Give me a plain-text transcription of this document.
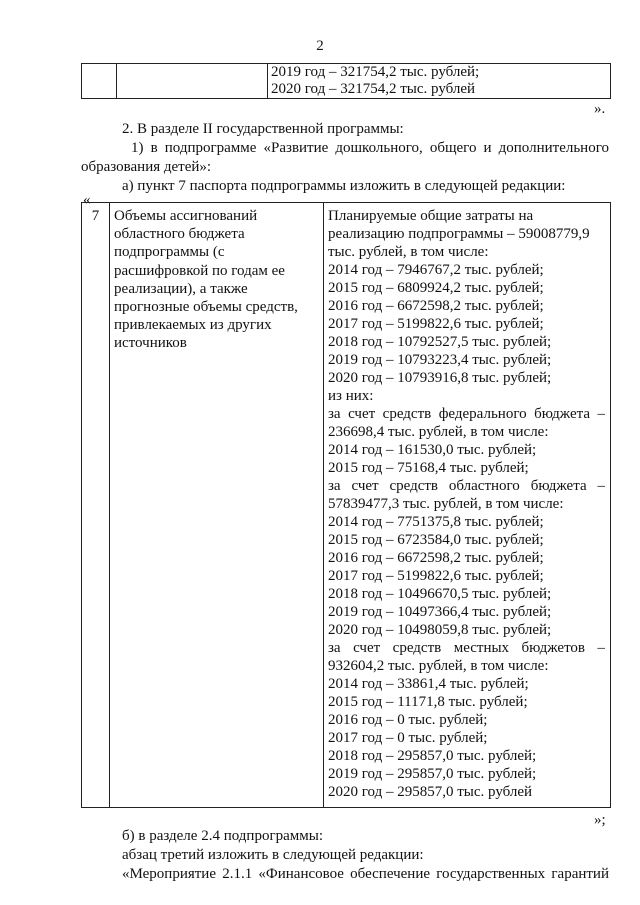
2

2019 год – 321754,2 тыс. рублей;
2020 год – 321754,2 тыс. рублей
».
2. В разделе II государственной программы:
1) в подпрограмме «Развитие дошкольного, общего и дополнительного
образования детей»:
а) пункт 7 паспорта подпрограммы изложить в следующей редакции:
«
7	Объемы ассигнований
областного бюджета
подпрограммы (с
расшифровкой по годам ее
реализации), а также
прогнозные объемы средств,
привлекаемых из других
источников

Планируемые общие затраты на
реализацию подпрограммы – 59008779,9
тыс. рублей, в том числе:
2014 год – 7946767,2 тыс. рублей;
2015 год – 6809924,2 тыс. рублей;
2016 год – 6672598,2 тыс. рублей;
2017 год – 5199822,6 тыс. рублей;
2018 год – 10792527,5 тыс. рублей;
2019 год – 10793223,4 тыс. рублей;
2020 год – 10793916,8 тыс. рублей;
из них:
за счет средств федерального бюджета –
236698,4 тыс. рублей, в том числе:
2014 год – 161530,0 тыс. рублей;
2015 год – 75168,4 тыс. рублей;
за счет средств областного бюджета –
57839477,3 тыс. рублей, в том числе:
2014 год – 7751375,8 тыс. рублей;
2015 год – 6723584,0 тыс. рублей;
2016 год – 6672598,2 тыс. рублей;
2017 год – 5199822,6 тыс. рублей;
2018 год – 10496670,5 тыс. рублей;
2019 год – 10497366,4 тыс. рублей;
2020 год – 10498059,8 тыс. рублей;
за счет средств местных бюджетов –
932604,2 тыс. рублей, в том числе:
2014 год – 33861,4 тыс. рублей;
2015 год – 11171,8 тыс. рублей;
2016 год – 0 тыс. рублей;
2017 год – 0 тыс. рублей;
2018 год – 295857,0 тыс. рублей;
2019 год – 295857,0 тыс. рублей;
2020 год – 295857,0 тыс. рублей
»;
б) в разделе 2.4 подпрограммы:
абзац третий изложить в следующей редакции:
«Мероприятие 2.1.1 «Финансовое обеспечение государственных гарантий
